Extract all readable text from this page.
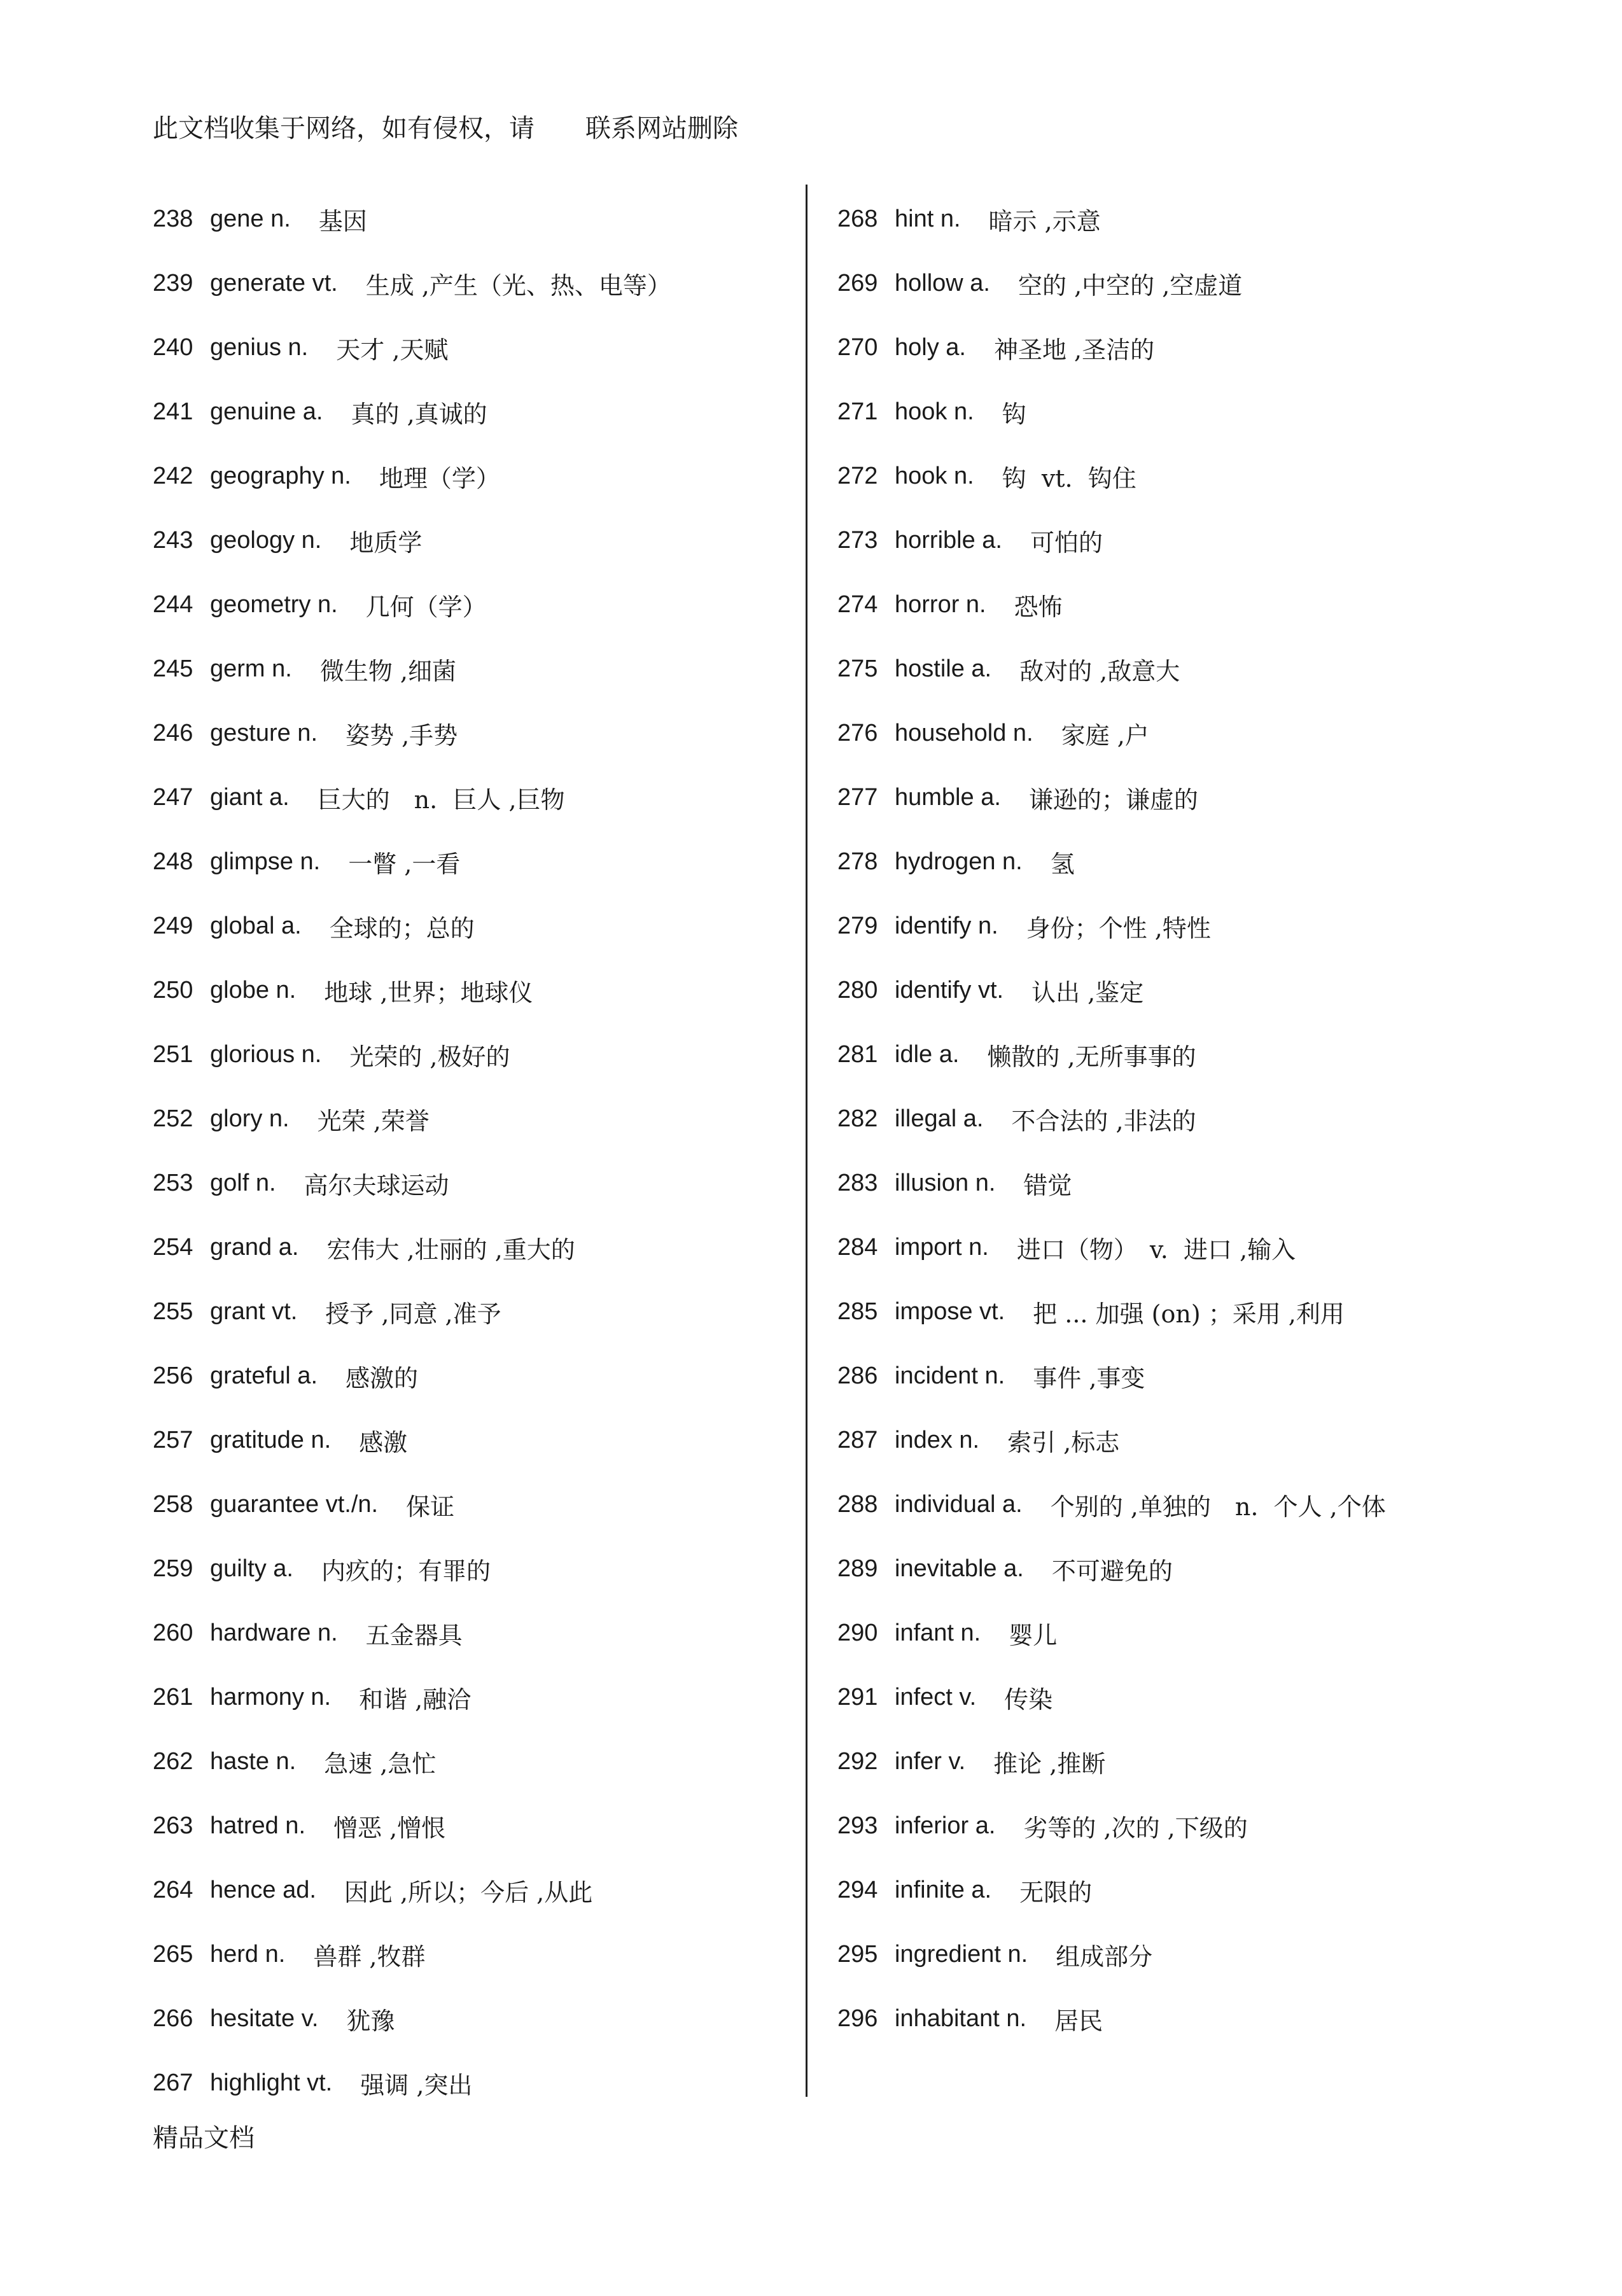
此文档收集于网络，如有侵权，请　　联系网站删除
238 gene n. 基因
239 generate vt. 生成 ,产生（光、热、电等）
240 genius n. 天才 ,天赋
241 genuine a. 真的 ,真诚的
242 geography n. 地理（学）
243 geology n. 地质学
244 geometry n. 几何（学）
245 germ n. 微生物 ,细菌
246 gesture n. 姿势 ,手势
247 giant a. 巨大的　n.  巨人 ,巨物
248 glimpse n. 一瞥 ,一看
249 global a. 全球的；总的
250 globe n. 地球 ,世界；地球仪
251 glorious n. 光荣的 ,极好的
252 glory n. 光荣 ,荣誉
253 golf n. 高尔夫球运动
254 grand a. 宏伟大 ,壮丽的 ,重大的
255 grant vt. 授予 ,同意 ,准予
256 grateful a. 感激的
257 gratitude n. 感激
258 guarantee vt./n. 保证
259 guilty a. 内疚的；有罪的
260 hardware n. 五金器具
261 harmony n. 和谐 ,融洽
262 haste n. 急速 ,急忙
263 hatred n. 憎恶 ,憎恨
264 hence ad. 因此 ,所以；今后 ,从此
265 herd n. 兽群 ,牧群
266 hesitate v. 犹豫
267 highlight vt. 强调 ,突出
268 hint n. 暗示 ,示意
269 hollow a. 空的 ,中空的 ,空虚道
270 holy a. 神圣地 ,圣洁的
271 hook n. 钩
272 hook n. 钩  vt.  钩住
273 horrible a. 可怕的
274 horror n. 恐怖
275 hostile a. 敌对的 ,敌意大
276 household n. 家庭 ,户
277 humble a. 谦逊的；谦虚的
278 hydrogen n. 氢
279 identify n. 身份；个性 ,特性
280 identify vt. 认出 ,鉴定
281 idle a. 懒散的 ,无所事事的
282 illegal a. 不合法的 ,非法的
283 illusion n. 错觉
284 import n. 进口（物）　v.  进口 ,输入
285 impose vt. 把 ... 加强 (on) ；采用 ,利用
286 incident n. 事件 ,事变
287 index n. 索引 ,标志
288 individual a. 个别的 ,单独的　n.  个人 ,个体
289 inevitable a. 不可避免的
290 infant n. 婴儿
291 infect v. 传染
292 infer v. 推论 ,推断
293 inferior a. 劣等的 ,次的 ,下级的
294 infinite a. 无限的
295 ingredient n. 组成部分
296 inhabitant n. 居民
精品文档
